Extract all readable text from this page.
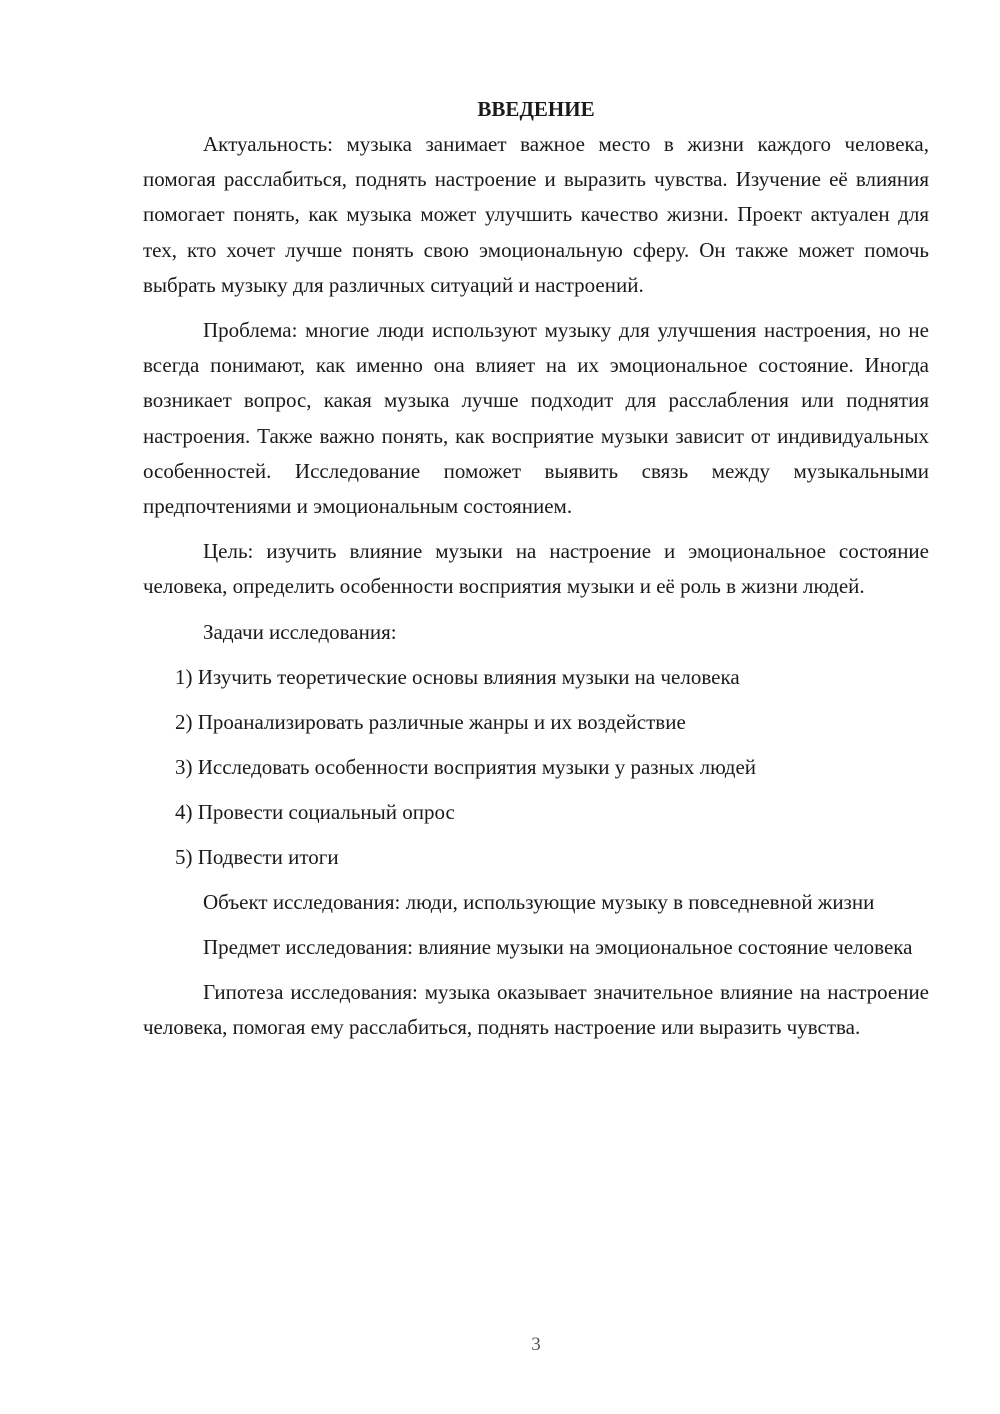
ВВЕДЕНИЕ

Актуальность: музыка занимает важное место в жизни каждого человека, помогая расслабиться, поднять настроение и выразить чувства. Изучение её влияния помогает понять, как музыка может улучшить качество жизни. Проект актуален для тех, кто хочет лучше понять свою эмоциональную сферу. Он также может помочь выбрать музыку для различных ситуаций и настроений.

Проблема: многие люди используют музыку для улучшения настроения, но не всегда понимают, как именно она влияет на их эмоциональное состояние. Иногда возникает вопрос, какая музыка лучше подходит для расслабления или поднятия настроения. Также важно понять, как восприятие музыки зависит от индивидуальных особенностей. Исследование поможет выявить связь между музыкальными предпочтениями и эмоциональным состоянием.

Цель: изучить влияние музыки на настроение и эмоциональное состояние человека, определить особенности восприятия музыки и её роль в жизни людей.

Задачи исследования:

1) Изучить теоретические основы влияния музыки на человека
2) Проанализировать различные жанры и их воздействие
3) Исследовать особенности восприятия музыки у разных людей
4) Провести социальный опрос
5) Подвести итоги

Объект исследования: люди, использующие музыку в повседневной жизни

Предмет исследования: влияние музыки на эмоциональное состояние человека

Гипотеза исследования: музыка оказывает значительное влияние на настроение человека, помогая ему расслабиться, поднять настроение или выразить чувства.

3
